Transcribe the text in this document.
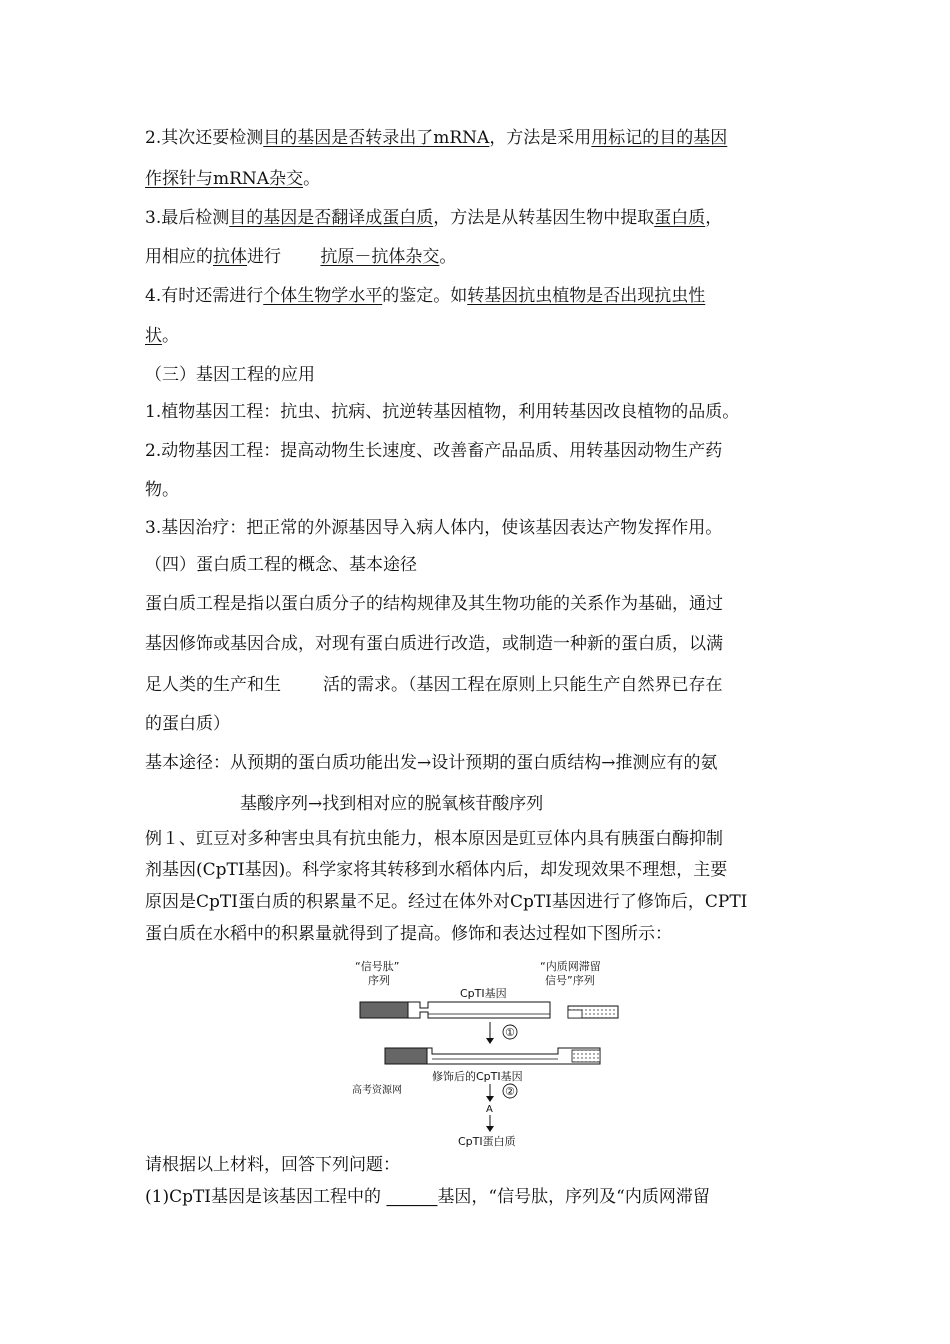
2.其次还要检测目的基因是否转录出了mRNA，方法是采用用标记的目的基因
作探针与mRNA杂交。
3.最后检测目的基因是否翻译成蛋白质，方法是从转基因生物中提取蛋白质，
用相应的抗体进行 抗原－抗体杂交。
4.有时还需进行个体生物学水平的鉴定。如转基因抗虫植物是否出现抗虫性
状。
（三）基因工程的应用
1.植物基因工程：抗虫、抗病、抗逆转基因植物，利用转基因改良植物的品质。
2.动物基因工程：提高动物生长速度、改善畜产品品质、用转基因动物生产药
物。
3.基因治疗：把正常的外源基因导入病人体内，使该基因表达产物发挥作用。
（四）蛋白质工程的概念、基本途径
蛋白质工程是指以蛋白质分子的结构规律及其生物功能的关系作为基础，通过
基因修饰或基因合成，对现有蛋白质进行改造，或制造一种新的蛋白质，以满
足人类的生产和生 活的需求。（基因工程在原则上只能生产自然界已存在
的蛋白质）
基本途径：从预期的蛋白质功能出发→设计预期的蛋白质结构→推测应有的氨
基酸序列→找到相对应的脱氧核苷酸序列
例１、豇豆对多种害虫具有抗虫能力，根本原因是豇豆体内具有胰蛋白酶抑制
剂基因(CpTI基因)。科学家将其转移到水稻体内后，却发现效果不理想，主要
原因是CpTI蛋白质的积累量不足。经过在体外对CpTI基因进行了修饰后，CPTI
蛋白质在水稻中的积累量就得到了提高。修饰和表达过程如下图所示：
“信号肽”
序列
CpTI基因
“内质网滞留
信号”序列
①
修饰后的CpTI基因
高考资源网	②
A
CpTI蛋白质
请根据以上材料，回答下列问题：
(1)CpTI基因是该基因工程中的 ______基因，“信号肽，序列及“内质网滞留
